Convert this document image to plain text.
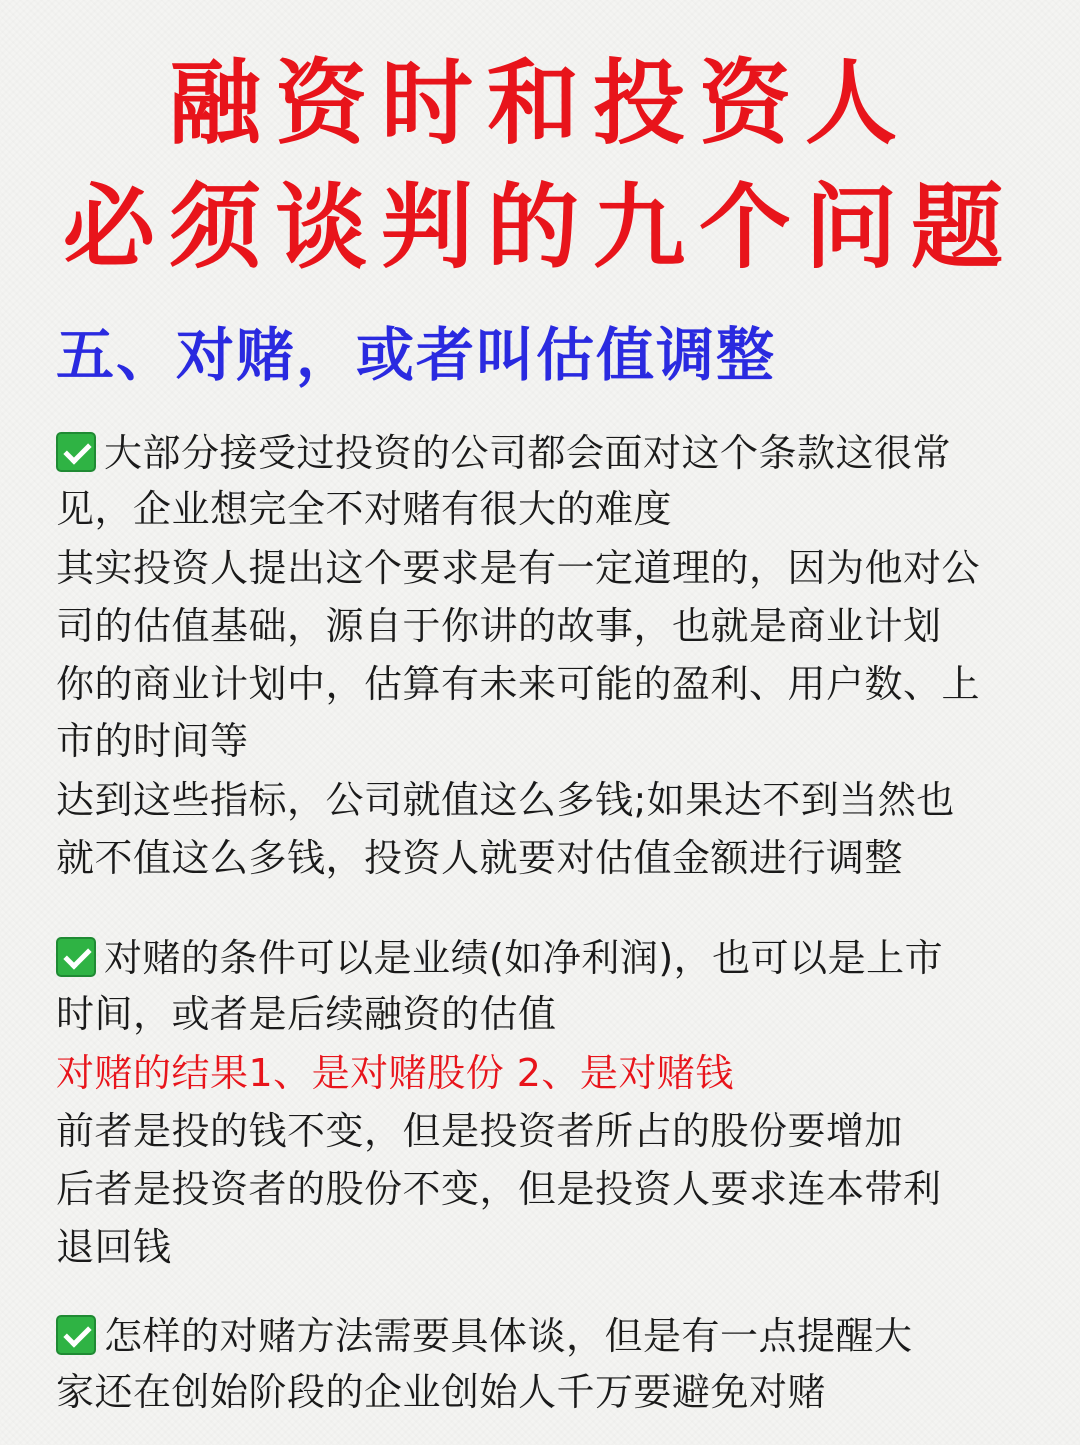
融资时和投资人
必须谈判的九个问题
五、对赌，或者叫估值调整
大部分接受过投资的公司都会面对这个条款这很常
见，企业想完全不对赌有很大的难度
其实投资人提出这个要求是有一定道理的，因为他对公
司的估值基础，源自于你讲的故事，也就是商业计划
你的商业计划中，估算有未来可能的盈利、用户数、上
市的时间等
达到这些指标，公司就值这么多钱;如果达不到当然也
就不值这么多钱，投资人就要对估值金额进行调整
对赌的条件可以是业绩(如净利润)，也可以是上市
时间，或者是后续融资的估值
对赌的结果1、是对赌股份 2、是对赌钱
前者是投的钱不变，但是投资者所占的股份要增加
后者是投资者的股份不变，但是投资人要求连本带利
退回钱
怎样的对赌方法需要具体谈，但是有一点提醒大
家还在创始阶段的企业创始人千万要避免对赌
